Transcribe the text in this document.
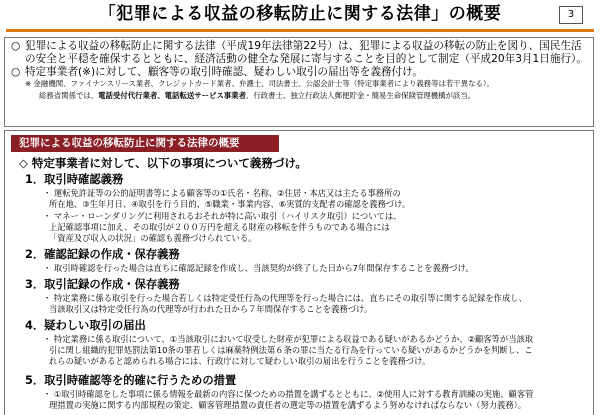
「犯罪による収益の移転防止に関する法律」の概要	3
○ 犯罪による収益の移転防止に関する法律（平成19年法律第22号）は、犯罪による収益の移転の防止を図り、国民生活の安全と平穏を確保するとともに、経済活動の健全な発展に寄与することを目的として制定（平成20年3月1日施行）。
○ 特定事業者(※)に対して、顧客等の取引時確認、疑わしい取引の届出等を義務付け。
※ 金融機関、ファイナンスリース業者、クレジットカード業者、弁護士、司法書士、公認会計士等（特定事業者により義務等は若干異なる）。
総務省関係では、電話受付代行業者、電話転送サービス事業者、行政書士、独立行政法人郵便貯金・簡易生命保険管理機構が該当。
犯罪による収益の移転防止に関する法律の概要
◇ 特定事業者に対して、以下の事項について義務づけ。
1．取引時確認義務
・ 運転免許証等の公的証明書等による顧客等の①氏名・名称、②住居・本店又は主たる事務所の
所在地、③生年月日、④取引を行う目的、⑤職業・事業内容、⑥実質的支配者の確認を義務づけ。
・ マネー・ローンダリングに利用されるおそれが特に高い取引（ハイリスク取引）については、
上記確認事項に加え、その取引が２００万円を超える財産の移転を伴うものである場合には
「資産及び収入の状況」の確認も義務づけられている。
2．確認記録の作成・保存義務
・ 取引時確認を行った場合は直ちに確認記録を作成し、当該契約が終了した日から7年間保存することを義務づけ。
3．取引記録の作成・保存義務
・ 特定業務に係る取引を行った場合若しくは特定受任行為の代理等を行った場合には、直ちにその取引等に関する記録を作成し、
当該取引又は特定受任行為の代理等が行われた日から７年間保存することを義務づけ。
4．疑わしい取引の届出
・ 特定業務に係る取引について、①当該取引において収受した財産が犯罪による収益である疑いがあるかどうか、②顧客等が当該取
引に関し組織的犯罪処罰法第10条の罪若しくは麻薬特例法第６条の罪に当たる行為を行っている疑いがあるかどうかを判断し、こ
れらの疑いがあると認められる場合には、行政庁に対して疑わしい取引の届出を行うことを義務づけ。
5．取引時確認等を的確に行うための措置
・ ①取引時確認をした事項に係る情報を最新の内容に保つための措置を講ずるとともに、②使用人に対する教育訓練の実施、顧客管
理措置の実施に関する内部規程の策定、顧客管理措置の責任者の選定等の措置を講ずるよう努めなければならない（努力義務）。
